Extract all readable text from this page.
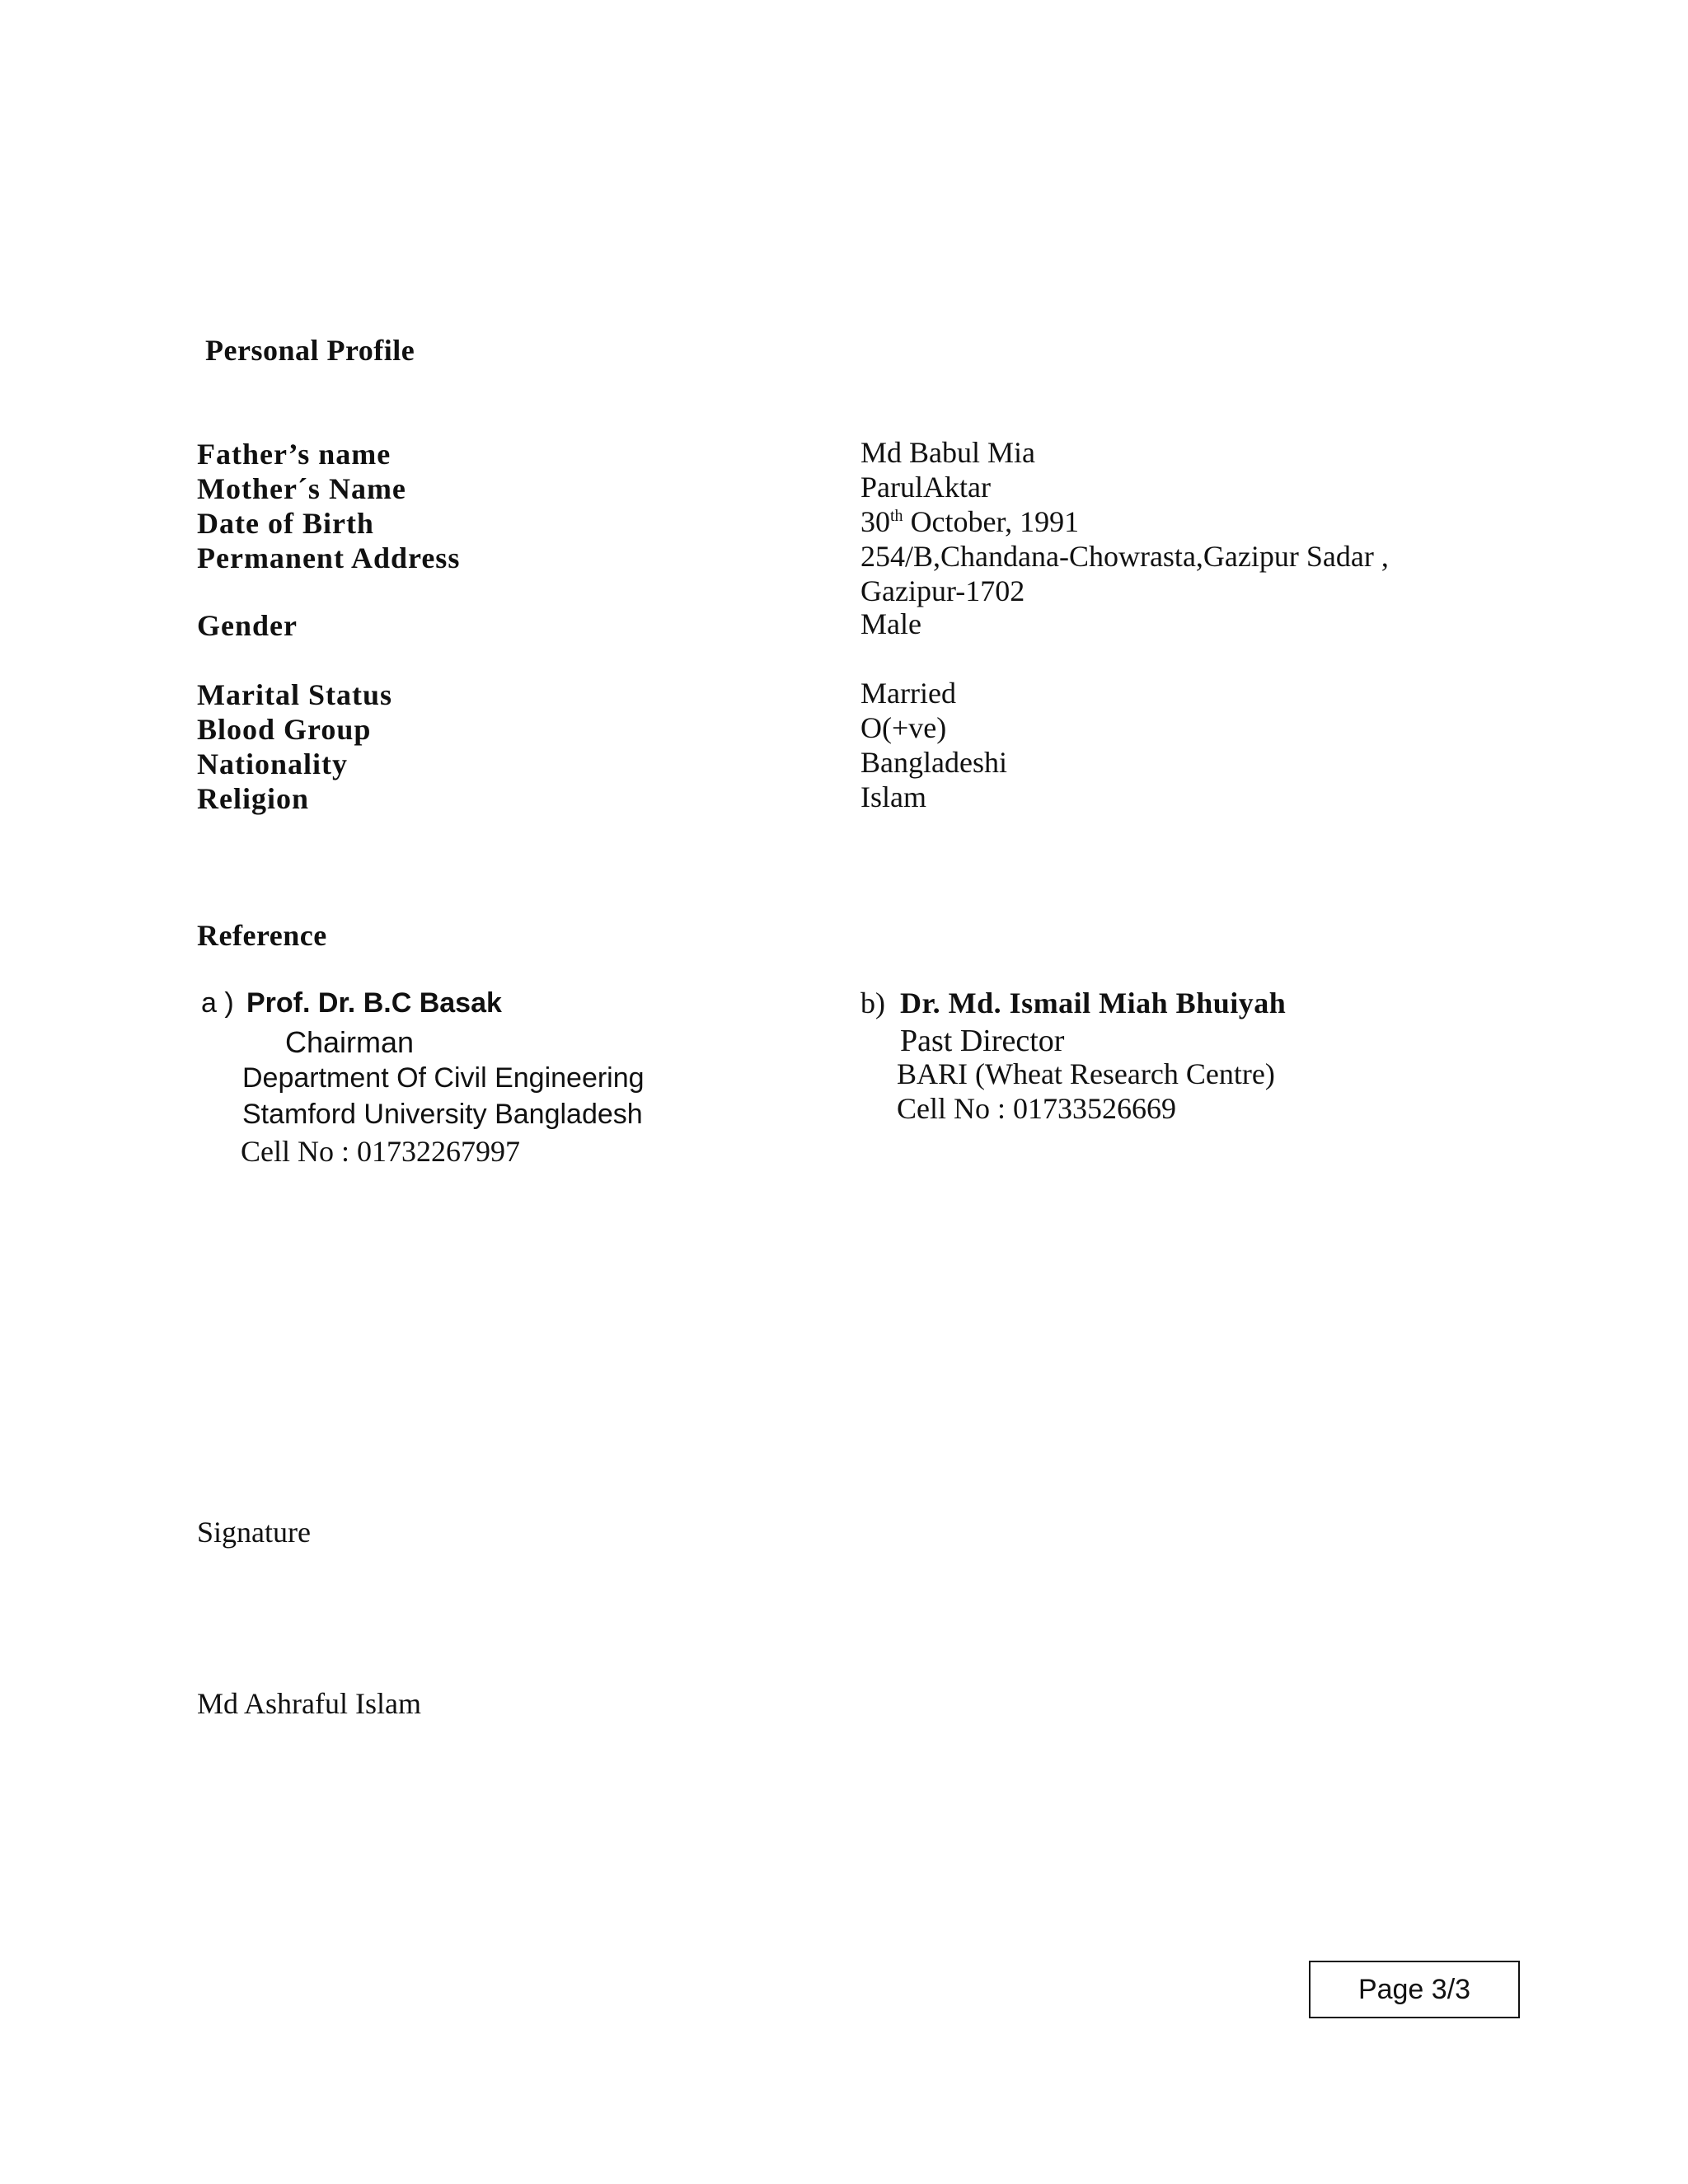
Personal Profile
Father’s name	Md Babul Mia
Mother´s Name	ParulAktar
Date of Birth	30th October, 1991
Permanent Address	254/B,Chandana-Chowrasta,Gazipur Sadar ,
Gazipur-1702
Gender	Male
Marital Status	Married
Blood Group	O(+ve)
Nationality	Bangladeshi
Religion	Islam
Reference
a ) Prof. Dr. B.C Basak
Chairman
Department Of Civil Engineering
Stamford University Bangladesh
Cell No : 01732267997
b) Dr. Md. Ismail Miah Bhuiyah
Past Director
BARI (Wheat Research Centre)
Cell No : 01733526669
Signature
Md Ashraful Islam
Page 3/3
